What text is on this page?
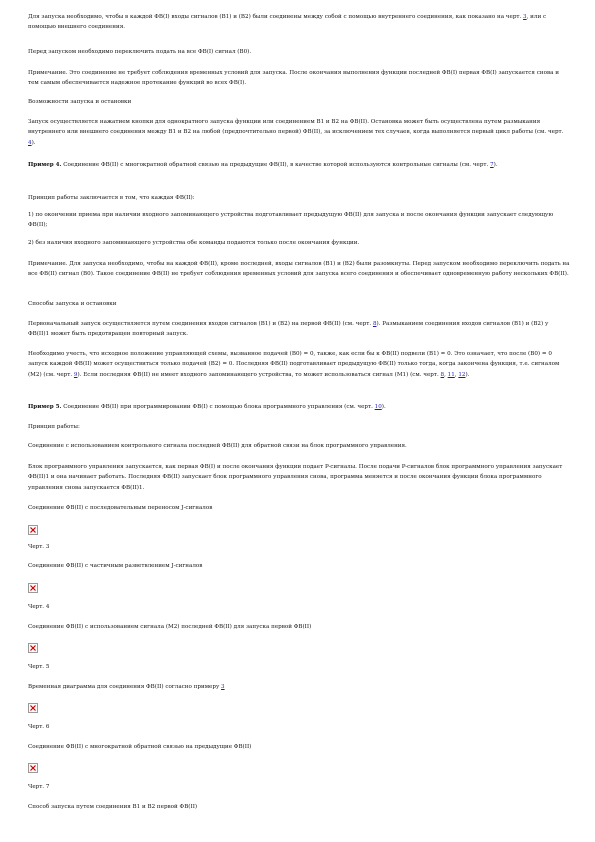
Для запуска необходимо, чтобы в каждой ФВ(I) входы сигналов (B1) и (B2) были соединены между собой с помощью внутреннего соединения, как показано на черт. 3, или с помощью внешнего соединения.

Перед запуском необходимо переключить подать на все ФВ(I) сигнал (B0).

Примечание. Это соединение не требует соблюдения временных условий для запуска. После окончания выполнения функции последней ФВ(I) первая ФВ(I) запускается снова и тем самым обеспечивается надежное протекание функций во всех ФВ(I).

Возможности запуска и остановки

Запуск осуществляется нажатием кнопки для однократного запуска функции или соединением B1 и B2 на ФВ(II). Остановка может быть осуществлена путем размыкания внутреннего или внешнего соединения между B1 и B2 на любой (предпочтительно первой) ФВ(II), за исключением тех случаев, когда выполняется первый цикл работы (см. черт. 4).

Пример 4. Соединение ФВ(II) с многократной обратной связью на предыдущие ФВ(II), в качестве которой используются контрольные сигналы (см. черт. 7).

Принцип работы заключается в том, что каждая ФВ(II):

1) по окончении приема при наличии входного запоминающего устройства подготавливает предыдущую ФВ(II) для запуска и после окончания функции запускает следующую ФВ(II);

2) без наличия входного запоминающего устройства обе команды подаются только после окончания функции.

Примечание. Для запуска необходимо, чтобы на каждой ФВ(II), кроме последней, входы сигналов (B1) и (B2) были разомкнуты. Перед запуском необходимо переключить подать на все ФВ(II) сигнал (B0). Такое соединение ФВ(II) не требует соблюдения временных условий для запуска всего соединения и обеспечивает одновременную работу нескольких ФВ(II).

Способы запуска и остановки

Первоначальный запуск осуществляется путем соединения входов сигналов (B1) и (B2) на первой ФВ(II) (см. черт. 8). Размыканием соединения входов сигналов (B1) и (B2) у ФВ(II)1 может быть предотвращен повторный запуск.

Необходимо учесть, что исходное положение управляющей схемы, вызванное подачей (B0) = 0, также, как если бы к ФВ(II) подвели (B1) = 0. Это означает, что после (B0) = 0 запуск каждой ФВ(II) может осуществиться только подачей (B2) = 0. Последняя ФВ(II) подготавливает предыдущую ФВ(II) только тогда, когда закончена функция, т.е. сигналом (M2) (см. черт. 9). Если последняя ФВ(II) не имеет входного запоминающего устройства, то может использоваться сигнал (M1) (см. черт. 8, 11, 12).

Пример 5. Соединение ФВ(II) при программировании ФВ(I) с помощью блока программного управления (см. черт. 10).

Принцип работы:

Соединение с использованием контрольного сигнала последней ФВ(II) для обратной связи на блок программного управления.

Блок программного управления запускается, как первая ФВ(I) и после окончания функции подает P-сигналы. После подачи P-сигналов блок программного управления запускает ФВ(II)1 и она начинает работать. Последняя ФВ(II) запускает блок программного управления снова, программа меняется и после окончания функции блока программного управления снова запускается ФВ(II)1.

Соединение ФВ(II) с последовательным переносом J-сигналов

Черт. 3

Соединение ФВ(II) с частичным разветвлением J-сигналов

Черт. 4

Соединение ФВ(II) с использованием сигнала (M2) последней ФВ(II) для запуска первой ФВ(II)

Черт. 5

Временная диаграмма для соединения ФВ(II) согласно примеру 3

Черт. 6

Соединение ФВ(II) с многократной обратной связью на предыдущие ФВ(II)

Черт. 7

Способ запуска путем соединения B1 и B2 первой ФВ(II)
